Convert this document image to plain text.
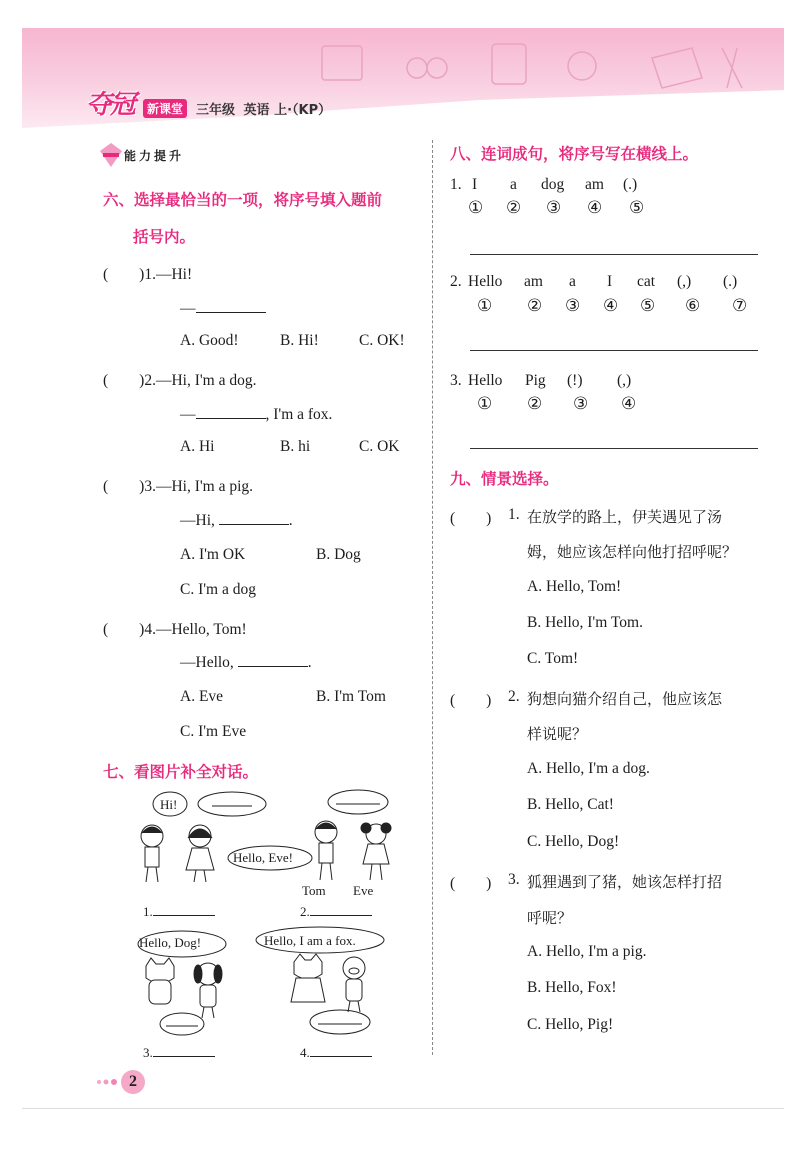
夺冠	新课堂 三年级 英语 上·（KP）
能力提升
六、选择最恰当的一项，将序号填入题前
括号内。
(　　)1.—Hi!
—
A. Good!	B. Hi!	C. OK!
(　　)2.—Hi, I'm a dog.
—	, I'm a fox.
A. Hi	B. hi	C. OK
(　　)3.—Hi, I'm a pig.
—Hi,	.
A. I'm OK	B. Dog
C. I'm a dog
(　　)4.—Hello, Tom!
—Hello,	.
A. Eve	B. I'm Tom
C. I'm Eve
七、看图片补全对话。
Hi!
Hello, Eve!
Tom Eve
1.	2.
Hello, Dog!	Hello, I am a fox.
3.	4.
八、连词成句，将序号写在横线上。
1. I a dog am (.)
① ② ③ ④ ⑤
2. Hello am a I cat (,) (.)
① ② ③ ④ ⑤ ⑥ ⑦
3. Hello Pig (!) (,)
① ② ③ ④
九、情景选择。
(　　) 1. 在放学的路上，伊芙遇见了汤
姆，她应该怎样向他打招呼呢？
A. Hello, Tom!
B. Hello, I'm Tom.
C. Tom!
(　　) 2. 狗想向猫介绍自己，他应该怎
样说呢？
A. Hello, I'm a dog.
B. Hello, Cat!
C. Hello, Dog!
(　　) 3. 狐狸遇到了猪，她该怎样打招
呼呢？
A. Hello, I'm a pig.
B. Hello, Fox!
C. Hello, Pig!
2
